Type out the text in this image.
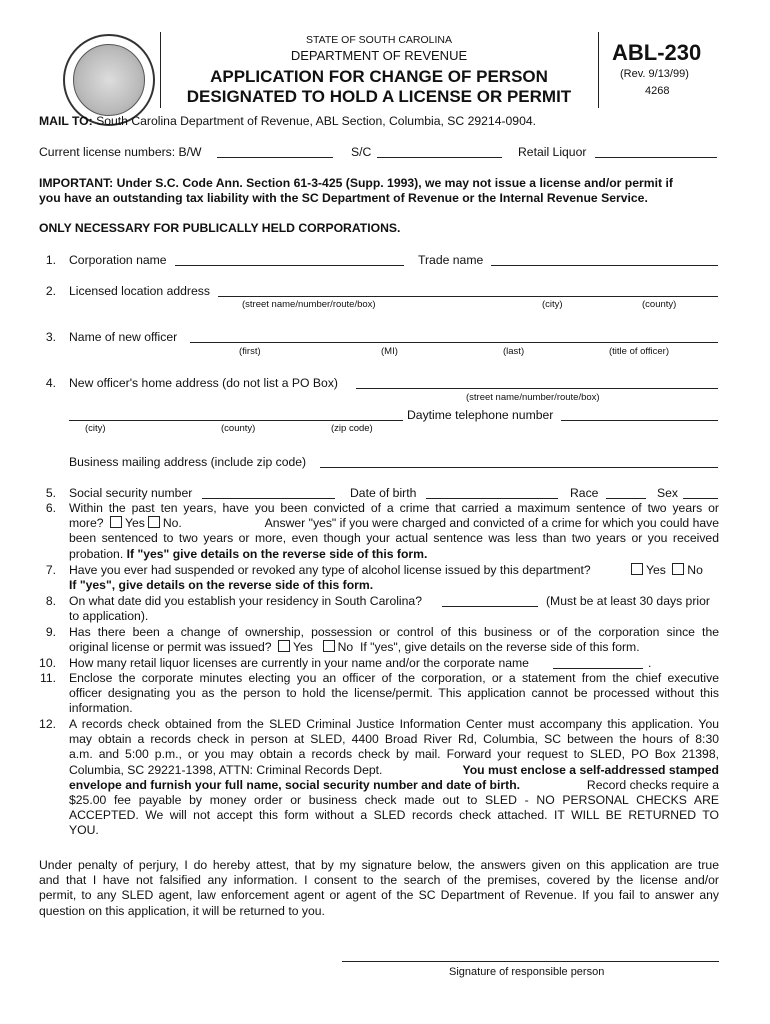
STATE OF SOUTH CAROLINA
DEPARTMENT OF REVENUE
APPLICATION FOR CHANGE OF PERSON
DESIGNATED TO HOLD A LICENSE OR PERMIT
ABL-230
(Rev. 9/13/99)
4268
MAIL TO: South Carolina Department of Revenue, ABL Section, Columbia, SC 29214-0904.
Current license numbers: B/W	S/C	Retail Liquor
IMPORTANT: Under S.C. Code Ann. Section 61-3-425 (Supp. 1993), we may not issue a license and/or permit if
you have an outstanding tax liability with the SC Department of Revenue or the Internal Revenue Service.
ONLY NECESSARY FOR PUBLICALLY HELD CORPORATIONS.
1. Corporation name	Trade name
2. Licensed location address
(street name/number/route/box)	(city)	(county)
3. Name of new officer
(first)	(MI)	(last)	(title of officer)
4. New officer's home address (do not list a PO Box)
(street name/number/route/box)
Daytime telephone number
(city)	(county)	(zip code)
Business mailing address (include zip code)
5. Social security number	Date of birth	Race	Sex
6. Within the past ten years, have you been convicted of a crime that carried a maximum sentence of two years or
more? Yes No.	Answer "yes" if you were charged and convicted of a crime for which you could have
been sentenced to two years or more, even though your actual sentence was less than two years or you received
probation. If "yes" give details on the reverse side of this form.
7. Have you ever had suspended or revoked any type of alcohol license issued by this department?	Yes No
If "yes", give details on the reverse side of this form.
8. On what date did you establish your residency in South Carolina?	(Must be at least 30 days prior
to application).
9. Has there been a change of ownership, possession or control of this business or of the corporation since the
original license or permit was issued? Yes No If "yes", give details on the reverse side of this form.
10. How many retail liquor licenses are currently in your name and/or the corporate name	.
11. Enclose the corporate minutes electing you an officer of the corporation, or a statement from the chief executive
officer designating you as the person to hold the license/permit. This application cannot be processed without this
information.
12. A records check obtained from the SLED Criminal Justice Information Center must accompany this application. You
may obtain a records check in person at SLED, 4400 Broad River Rd, Columbia, SC between the hours of 8:30
a.m. and 5:00 p.m., or you may obtain a records check by mail. Forward your request to SLED, PO Box 21398,
Columbia, SC 29221-1398, ATTN: Criminal Records Dept.	You must enclose a self-addressed stamped
envelope and furnish your full name, social security number and date of birth.	Record checks require a
$25.00 fee payable by money order or business check made out to SLED - NO PERSONAL CHECKS ARE
ACCEPTED. We will not accept this form without a SLED records check attached. IT WILL BE RETURNED TO
YOU.
Under penalty of perjury, I do hereby attest, that by my signature below, the answers given on this application are true
and that I have not falsified any information. I consent to the search of the premises, covered by the license and/or
permit, to any SLED agent, law enforcement agent or agent of the SC Department of Revenue. If you fail to answer any
question on this application, it will be returned to you.
Signature of responsible person
